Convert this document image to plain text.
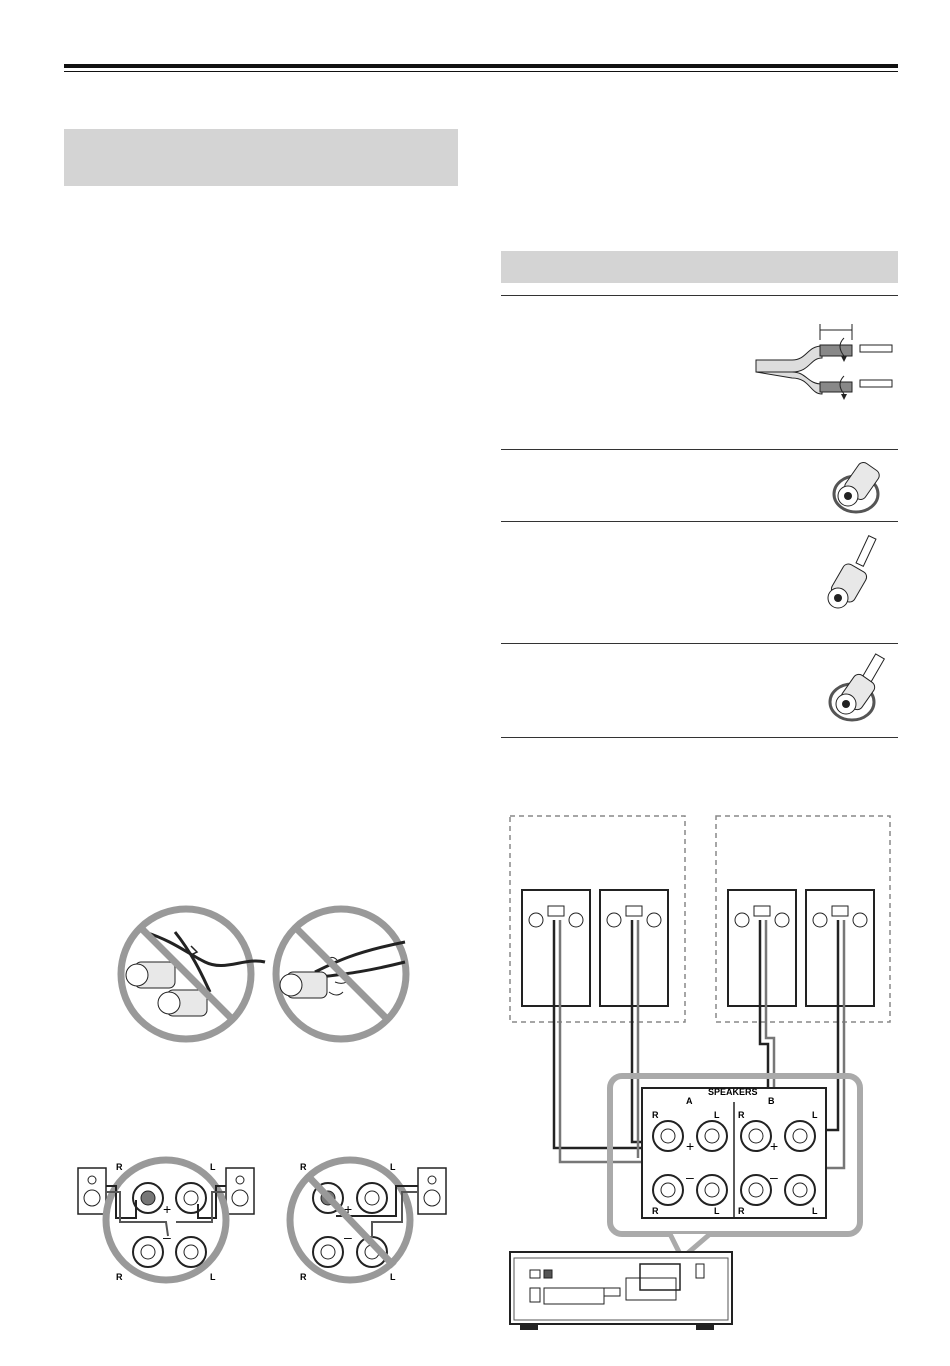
R	L
R	L
+
–
R	L
R	L
+
–
SPEAKERS
A	B
R	L R	L
R	L R	L
+
–
+
–
